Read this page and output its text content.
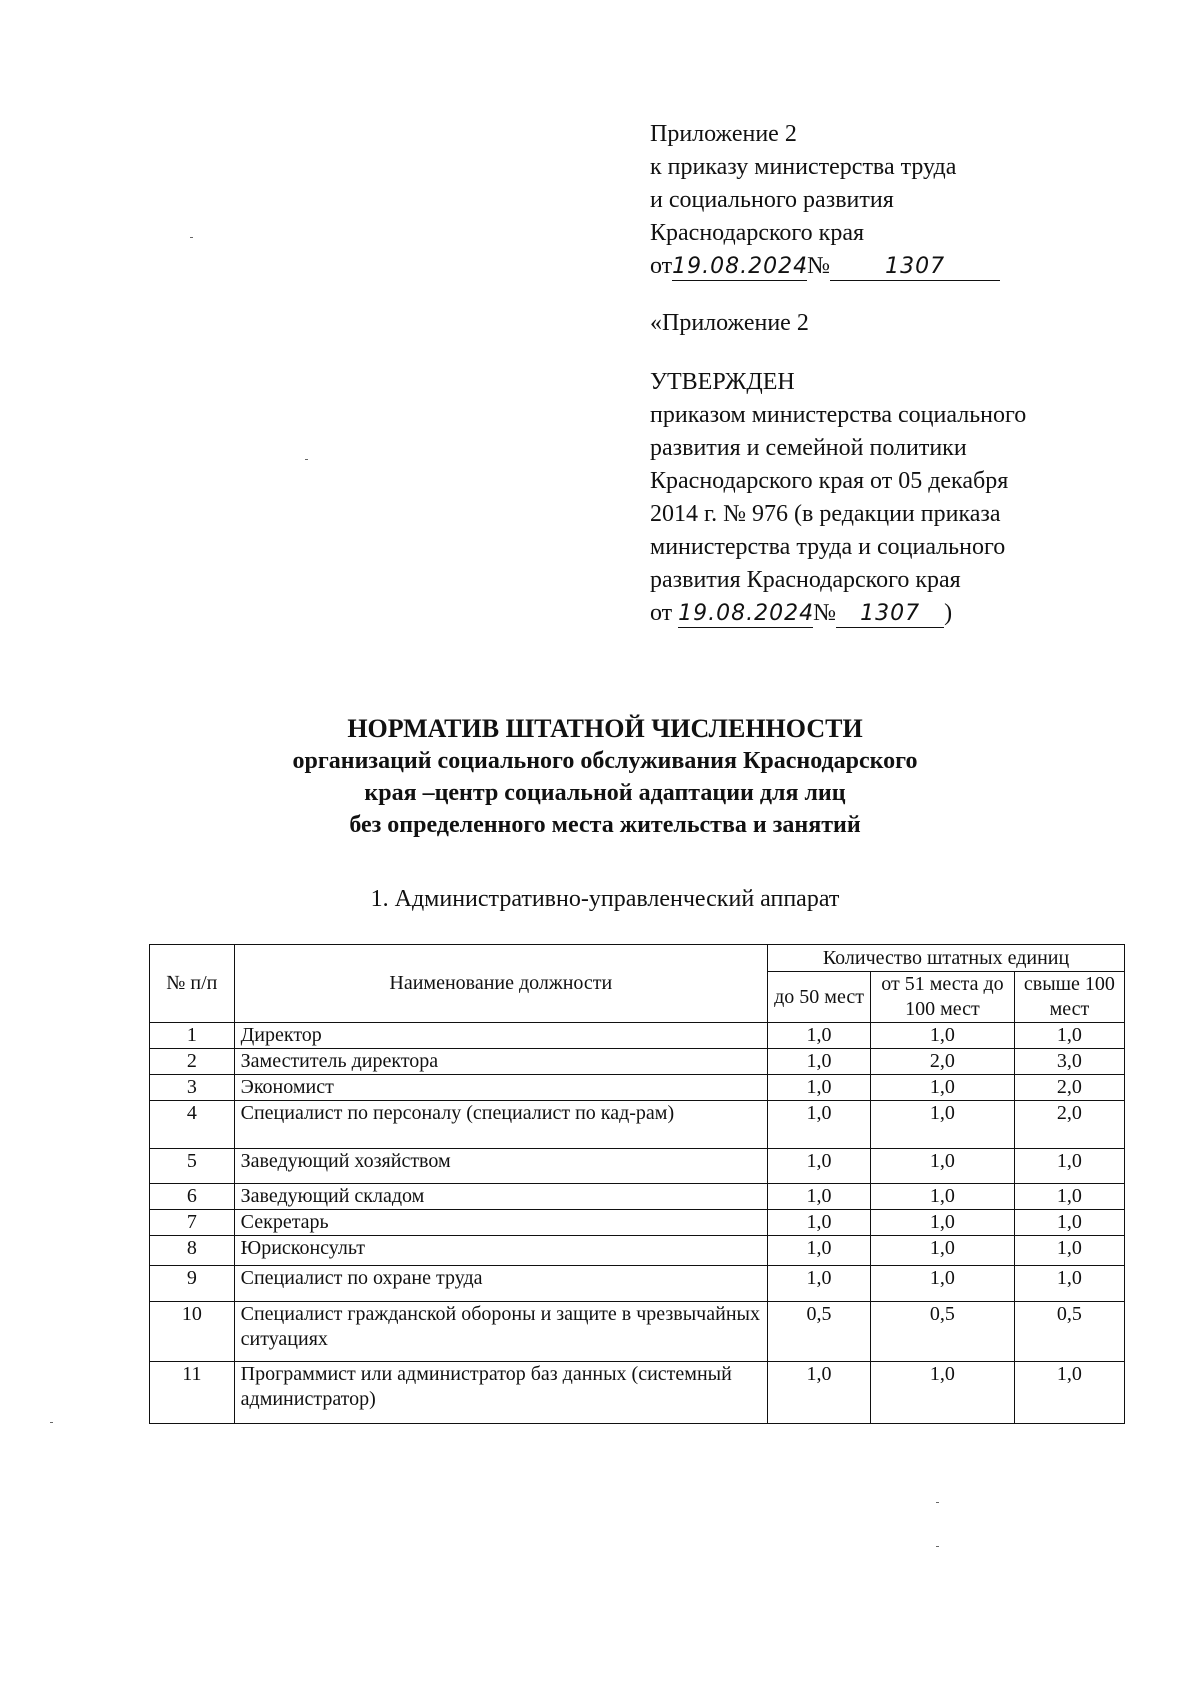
Приложение 2
к приказу министерства труда
и социального развития
Краснодарского края
от19.08.2024№	1307
«Приложение 2
УТВЕРЖДЕН
приказом министерства социального
развития и семейной политики
Краснодарского края от 05 декабря
2014 г. № 976 (в редакции приказа
министерства труда и социального
развития Краснодарского края
от 19.08.2024№ 1307 )
НОРМАТИВ ШТАТНОЙ ЧИСЛЕННОСТИ
организаций социального обслуживания Краснодарского
края –центр социальной адаптации для лиц
без определенного места жительства и занятий
1. Административно-управленческий аппарат
№ п/п	Наименование должности	Количество штатных единиц		
		до 50 мест	от 51 места до 100 мест	свыше 100 мест
1	Директор	1,0	1,0	1,0
2	Заместитель директора	1,0	2,0	3,0
3	Экономист	1,0	1,0	2,0
4	Специалист по персоналу (специалист по кад-рам)	1,0	1,0	2,0
5	Заведующий хозяйством	1,0	1,0	1,0
6	Заведующий складом	1,0	1,0	1,0
7	Секретарь	1,0	1,0	1,0
8	Юрисконсульт	1,0	1,0	1,0
9	Специалист по охране труда	1,0	1,0	1,0
10	Специалист гражданской обороны и защите в чрезвычайных ситуациях	0,5	0,5	0,5
11	Программист или администратор баз данных (системный администратор)	1,0	1,0	1,0
